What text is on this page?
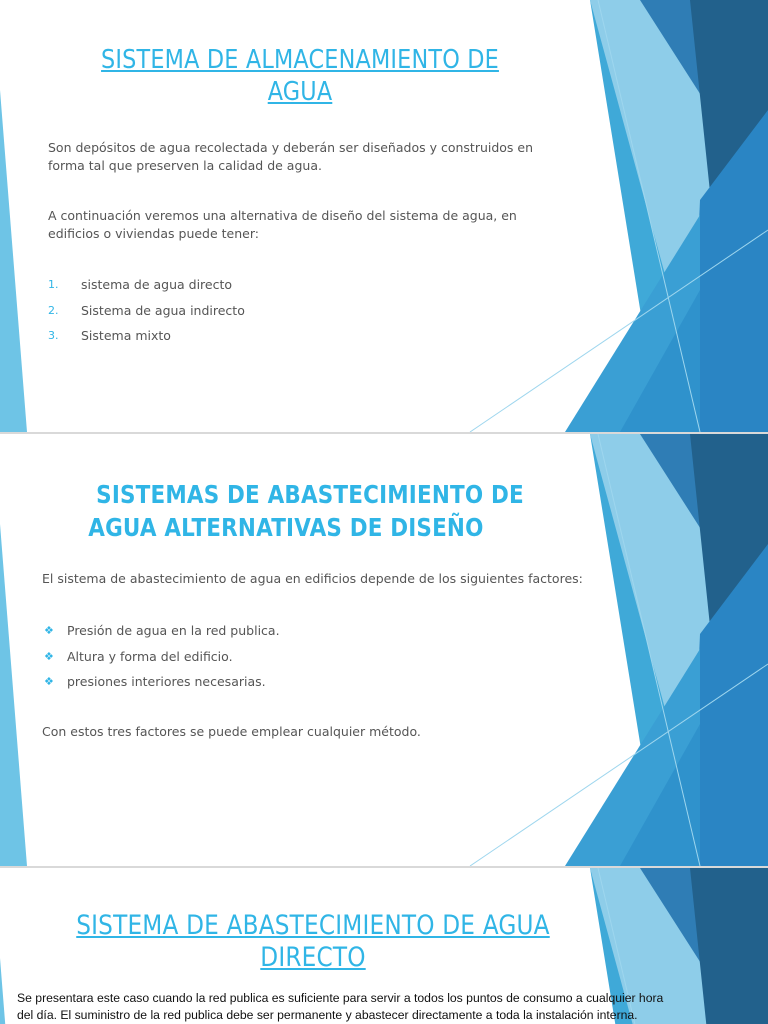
SISTEMA DE ALMACENAMIENTO DE AGUA

Son depósitos de agua recolectada y deberán ser diseñados y construidos en forma tal que preserven la calidad de agua.

A continuación veremos una alternativa de diseño del sistema de agua, en edificios o viviendas puede tener:

1. sistema de agua directo
2. Sistema de agua indirecto
3. Sistema mixto
SISTEMAS DE ABASTECIMIENTO DE
AGUA ALTERNATIVAS DE DISEÑO

El sistema de abastecimiento de agua en edificios depende de los siguientes factores:

❖ Presión de agua en la red publica.
❖ Altura y forma del edificio.
❖ presiones interiores necesarias.

Con estos tres factores se puede emplear cualquier método.

SISTEMA DE ABASTECIMIENTO DE AGUA DIRECTO

Se presentara este caso cuando la red publica es suficiente para servir a todos los puntos de consumo a cualquier hora del día. El suministro de la red publica debe ser permanente y abastecer directamente a toda la instalación interna.
